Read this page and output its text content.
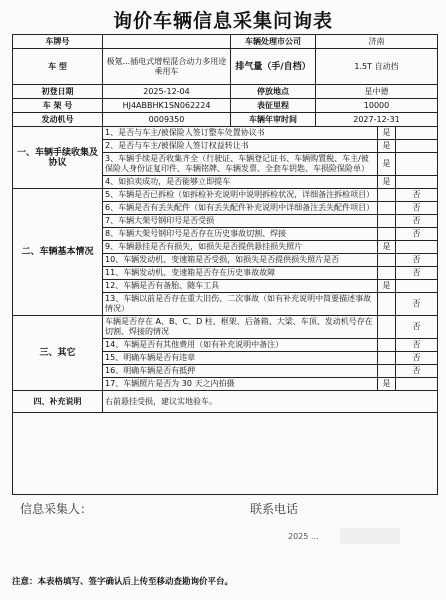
询价车辆信息采集问询表
车牌号		车辆处理市公司	济南		
车 型	极氪...插电式增程混合动力多用途乘用车	排气量（手/自档）	1.5T 自动挡		
初登日期	2025-12-04	停放地点	星中德		
车 架 号	HJ4ABBHK1SN062224	表征里程	10000		
发动机号	0009350	车辆年审时间	2027-12-31		
一、车辆手续收集及协议	1、是否与车主/被保险人签订整车处置协议书			是	
	2、是否与车主/被保险人签订权益转让书			是	
	3、车辆手续是否收集齐全（行驶证、车辆登记证书、车辆购置税、车主/被保险人身份证复印件、车辆铭牌、车辆发票、全套车钥匙、车损险保险单）			是	
	4、如拍卖成功，是否能够立即提车			是	
二、车辆基本情况	5、车辆是否已拆检（如拆检补充说明中说明拆检状况，详细备注拆检项目）				否
	6、车辆是否有丢失配件（如有丢失配件补充说明中详细备注丢失配件项目）				否
	7、车辆大架号钢印号是否受损				否
	8、车辆大架号钢印号是否存在历史事故切割、焊接				否
	9、车辆悬挂是否有损失，如损失是否提供悬挂损失照片			是	
	10、车辆发动机、变速箱是否受损，如损失是否提供损失照片是否				否
	11、车辆发动机、变速箱是否存在历史事故故障				否
	12、车辆是否有备胎、随车工具			是	
	13、车辆以前是否存在重大旧伤、二次事故（如有补充说明中简要描述事故情况）				否
三、其它	车辆是否存在 A、B、C、D 柱、框架、后备箱、大梁、车顶、发动机号存在切割、焊接的情况				否
	14、车辆是否有其他费用（如有补充说明中备注）				否
	15、明确车辆是否有违章				否
	16、明确车辆是否有抵押				否
	17、车辆照片是否为 30 天之内拍摄			是	
四、补充说明	右前悬挂受损，建议实地验车。				

信息采集人：	联系电话
2025 ...
注意：本表格填写、签字确认后上传至移动查勘询价平台。
